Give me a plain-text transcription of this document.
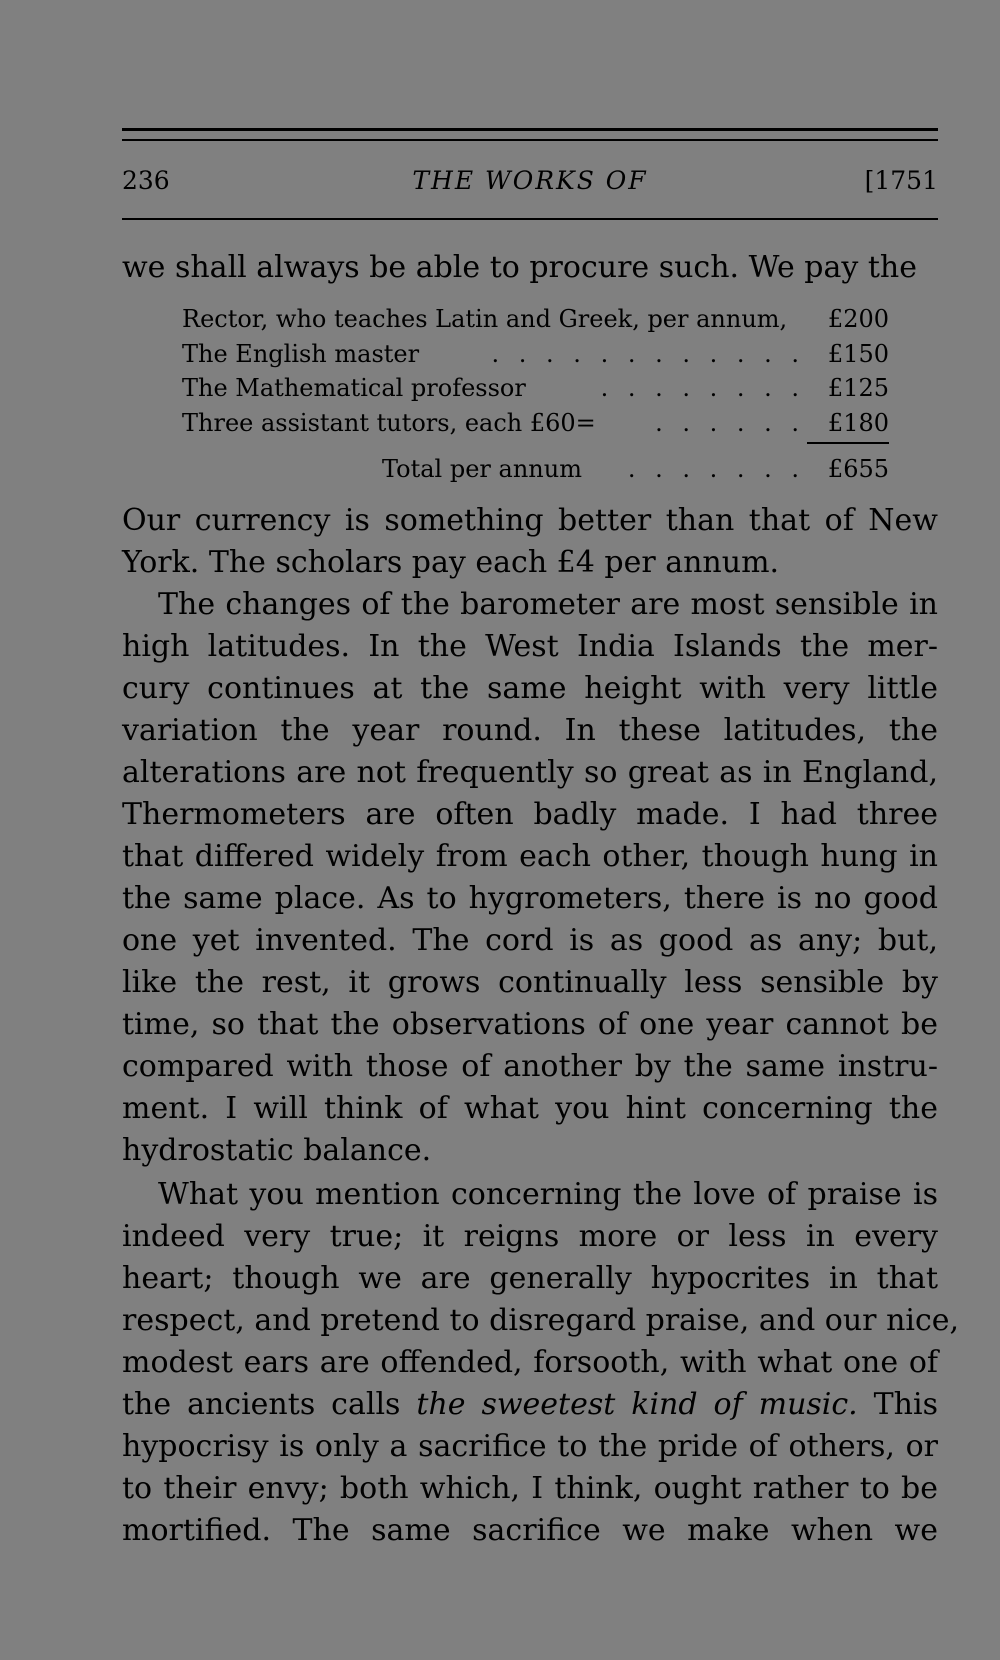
236	THE WORKS OF	[1751
we shall always be able to procure such. We pay the
Rector, who teaches Latin and Greek, per annum, £200
The English master	. . . . . . . . . . . . £150
The Mathematical professor	. . . . . . . . £125
Three assistant tutors, each £60=	. . . . . . £180
Total per annum	. . . . . . . £655
Our currency is something better than that of New
York. The scholars pay each £4 per annum.
The changes of the barometer are most sensible in
high latitudes. In the West India Islands the mer-
cury continues at the same height with very little
variation the year round. In these latitudes, the
alterations are not frequently so great as in England,
Thermometers are often badly made. I had three
that differed widely from each other, though hung in
the same place. As to hygrometers, there is no good
one yet invented. The cord is as good as any; but,
like the rest, it grows continually less sensible by
time, so that the observations of one year cannot be
compared with those of another by the same instru-
ment. I will think of what you hint concerning the
hydrostatic balance.
What you mention concerning the love of praise is
indeed very true; it reigns more or less in every
heart; though we are generally hypocrites in that
respect, and pretend to disregard praise, and our nice,
modest ears are offended, forsooth, with what one of
the ancients calls the sweetest kind of music. This
hypocrisy is only a sacrifice to the pride of others, or
to their envy; both which, I think, ought rather to be
mortified. The same sacrifice we make when we
